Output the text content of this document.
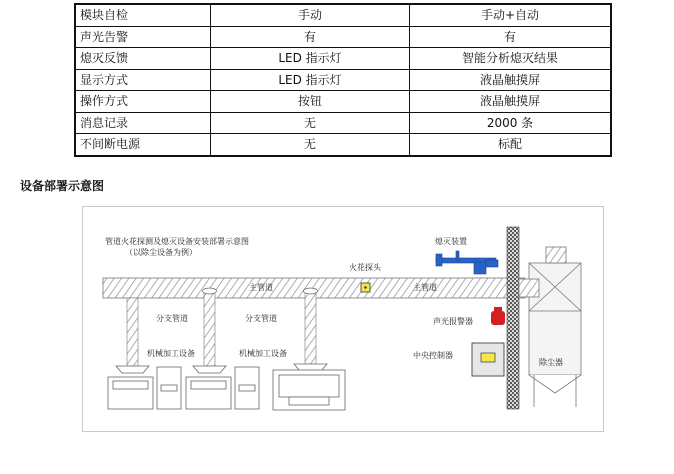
模块自检	手动	手动+自动
声光告警	有	有
熄灭反馈	LED 指示灯	智能分析熄灭结果
显示方式	LED 指示灯	液晶触摸屏
操作方式	按钮	液晶触摸屏
消息记录	无	2000 条
不间断电源	无	标配
设备部署示意图
管道火花探测及熄灭设备安装部署示意图
（以除尘设备为例）
熄灭装置
火花探头
主管道	主管道
分支管道	分支管道
机械加工设备	机械加工设备
声光报警器
中央控制器
除尘器
